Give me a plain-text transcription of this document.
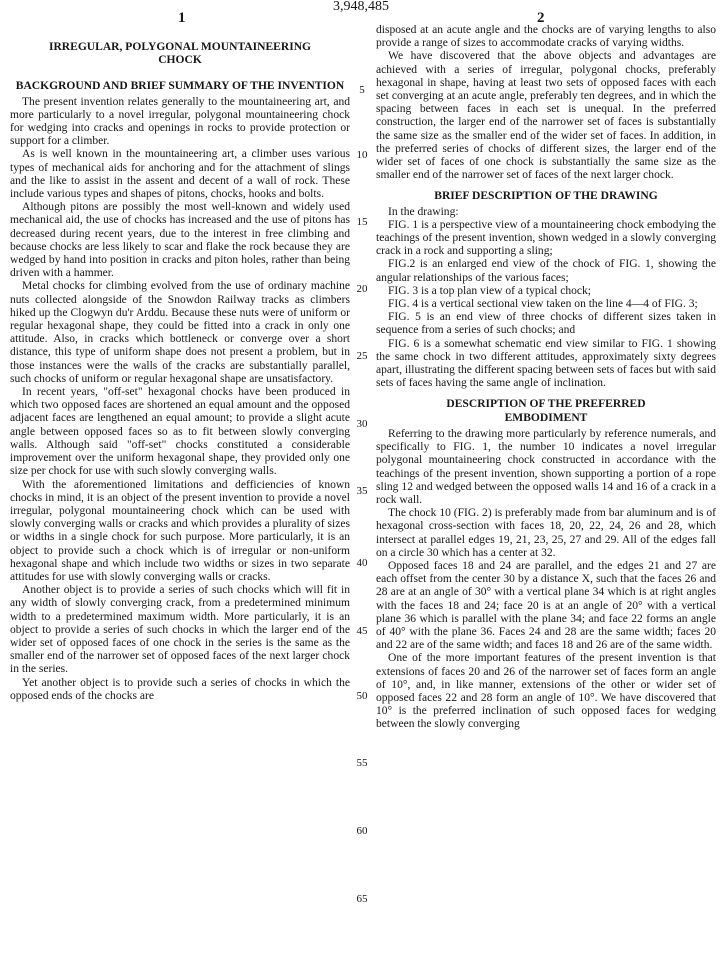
3,948,485
1	2
IRREGULAR, POLYGONAL MOUNTAINEERING CHOCK
BACKGROUND AND BRIEF SUMMARY OF THE INVENTION

The present invention relates generally to the mountaineering art, and more particularly to a novel irregular, polygonal mountaineering chock for wedging into cracks and openings in rocks to provide protection or support for a climber.

As is well known in the mountaineering art, a climber uses various types of mechanical aids for anchoring and for the attachment of slings and the like to assist in the assent and decent of a wall of rock. These include various types and shapes of pitons, chocks, hooks and bolts.

Although pitons are possibly the most well-known and widely used mechanical aid, the use of chocks has increased and the use of pitons has decreased during recent years, due to the interest in free climbing and because chocks are less likely to scar and flake the rock because they are wedged by hand into position in cracks and piton holes, rather than being driven with a hammer.

Metal chocks for climbing evolved from the use of ordinary machine nuts collected alongside of the Snowdon Railway tracks as climbers hiked up the Clogwyn du'r Arddu. Because these nuts were of uniform or regular hexagonal shape, they could be fitted into a crack in only one attitude. Also, in cracks which bottleneck or converge over a short distance, this type of uniform shape does not present a problem, but in those instances were the walls of the cracks are substantially parallel, such chocks of uniform or regular hexagonal shape are unsatisfactory.

In recent years, "off-set" hexagonal chocks have been produced in which two opposed faces are shortened an equal amount and the opposed adjacent faces are lengthened an equal amount; to provide a slight acute angle between opposed faces so as to fit between slowly converging walls. Although said "off-set" chocks constituted a considerable improvement over the uniform hexagonal shape, they provided only one size per chock for use with such slowly converging walls.

With the aforementioned limitations and defficiencies of known chocks in mind, it is an object of the present invention to provide a novel irregular, polygonal mountaineering chock which can be used with slowly converging walls or cracks and which provides a plurality of sizes or widths in a single chock for such purpose. More particularly, it is an object to provide such a chock which is of irregular or non-uniform hexagonal shape and which include two widths or sizes in two separate attitudes for use with slowly converging walls or cracks.

Another object is to provide a series of such chocks which will fit in any width of slowly converging crack, from a predetermined minimum width to a predetermined maximum width. More particularly, it is an object to provide a series of such chocks in which the larger end of the wider set of opposed faces of one chock in the series is the same as the smaller end of the narrower set of opposed faces of the next larger chock in the series.

Yet another object is to provide such a series of chocks in which the opposed ends of the chocks are

5
10
15
20
25
30
35
40
45
50
55
60
65

disposed at an acute angle and the chocks are of varying lengths to also provide a range of sizes to accommodate cracks of varying widths.

We have discovered that the above objects and advantages are achieved with a series of irregular, polygonal chocks, preferably hexagonal in shape, having at least two sets of opposed faces with each set converging at an acute angle, preferably ten degrees, and in which the spacing between faces in each set is unequal. In the preferred construction, the larger end of the narrower set of faces is substantially the same size as the smaller end of the wider set of faces. In addition, in the preferred series of chocks of different sizes, the larger end of the wider set of faces of one chock is substantially the same size as the smaller end of the narrower set of faces of the next larger chock.

BRIEF DESCRIPTION OF THE DRAWING

In the drawing:

FIG. 1 is a perspective view of a mountaineering chock embodying the teachings of the present invention, shown wedged in a slowly converging crack in a rock and supporting a sling;

FIG.2 is an enlarged end view of the chock of FIG. 1, showing the angular relationships of the various faces;

FIG. 3 is a top plan view of a typical chock;

FIG. 4 is a vertical sectional view taken on the line 4—4 of FIG. 3;

FIG. 5 is an end view of three chocks of different sizes taken in sequence from a series of such chocks; and

FIG. 6 is a somewhat schematic end view similar to FIG. 1 showing the same chock in two different attitudes, approximately sixty degrees apart, illustrating the different spacing between sets of faces but with said sets of faces having the same angle of inclination.

DESCRIPTION OF THE PREFERRED EMBODIMENT

Referring to the drawing more particularly by reference numerals, and specifically to FIG. 1, the number 10 indicates a novel irregular polygonal mountaineering chock constructed in accordance with the teachings of the present invention, shown supporting a portion of a rope sling 12 and wedged between the opposed walls 14 and 16 of a crack in a rock wall.

The chock 10 (FIG. 2) is preferably made from bar aluminum and is of hexagonal cross-section with faces 18, 20, 22, 24, 26 and 28, which intersect at parallel edges 19, 21, 23, 25, 27 and 29. All of the edges fall on a circle 30 which has a center at 32.

Opposed faces 18 and 24 are parallel, and the edges 21 and 27 are each offset from the center 30 by a distance X, such that the faces 26 and 28 are at an angle of 30° with a vertical plane 34 which is at right angles with the faces 18 and 24; face 20 is at an angle of 20° with a vertical plane 36 which is parallel with the plane 34; and face 22 forms an angle of 40° with the plane 36. Faces 24 and 28 are the same width; faces 20 and 22 are of the same width; and faces 18 and 26 are of the same width.

One of the more important features of the present invention is that extensions of faces 20 and 26 of the narrower set of faces form an angle of 10°, and, in like manner, extensions of the other or wider set of opposed faces 22 and 28 form an angle of 10°. We have discovered that 10° is the preferred inclination of such opposed faces for wedging between the slowly converging
